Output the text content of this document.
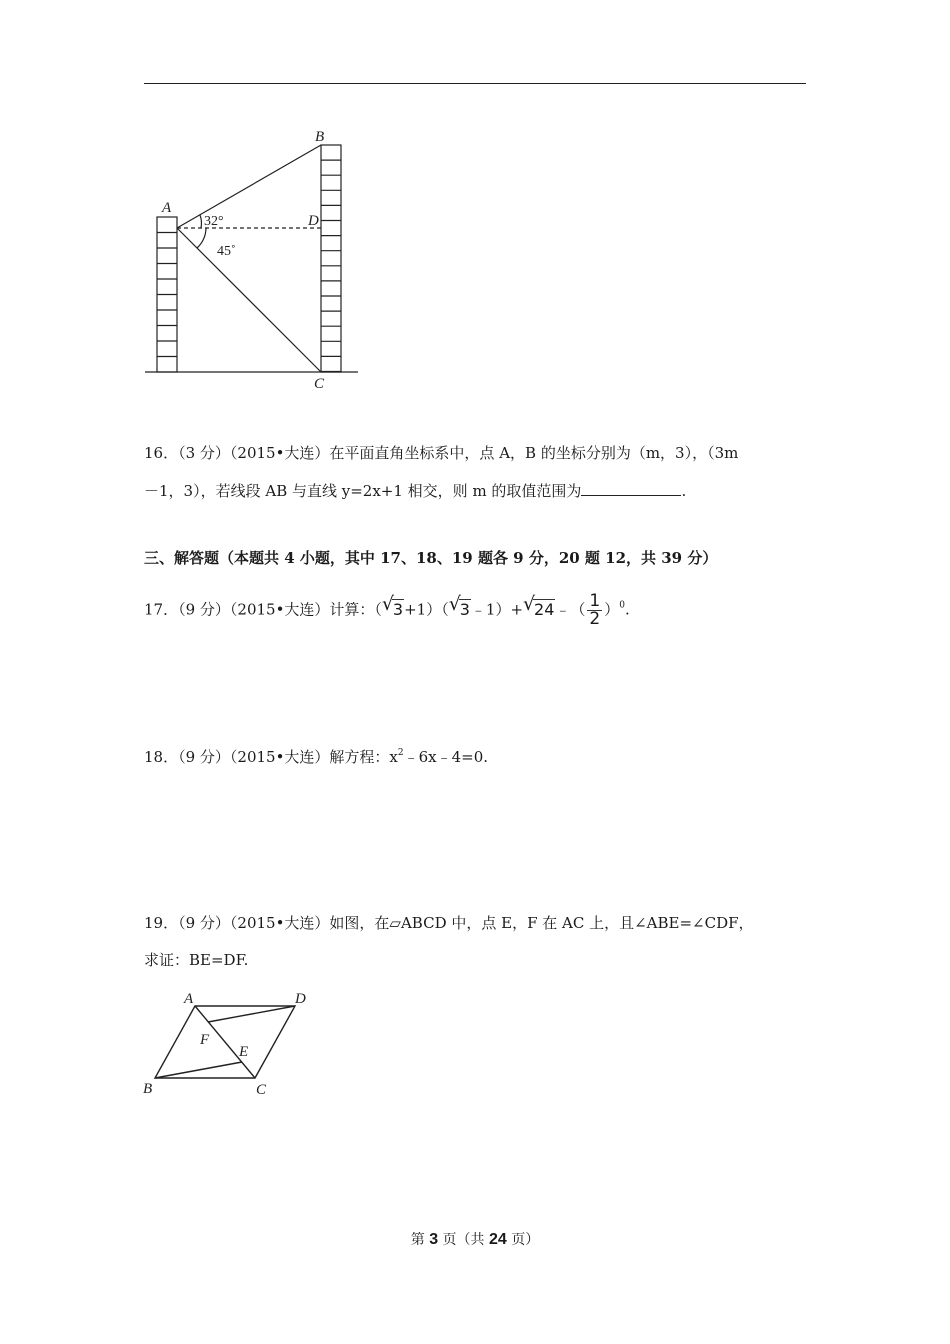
A
B
D
C
32°
45˚
16．（3 分）（2015•大连）在平面直角坐标系中，点 A，B 的坐标分别为（m，3），（3m
－1，3），若线段 AB 与直线 y=2x+1 相交，则 m 的取值范围为	.
三、解答题（本题共 4 小题，其中 17、18、19 题各 9 分，20 题 12，共 39 分）
17．（9 分）（2015•大连）计算：（ √
3+1）（ √
3﹣1）+ √
24﹣（ $\frac{1}{2} )^0$.
18．（9 分）（2015•大连）解方程：$x^2﹣6x﹣4=0$.
19．（9 分）（2015•大连）如图，在▱ABCD 中，点 E，F 在 AC 上，且∠ABE=∠CDF，
求证：BE=DF.
A	D
B	C
F
E
第 3 页（共 24 页）
